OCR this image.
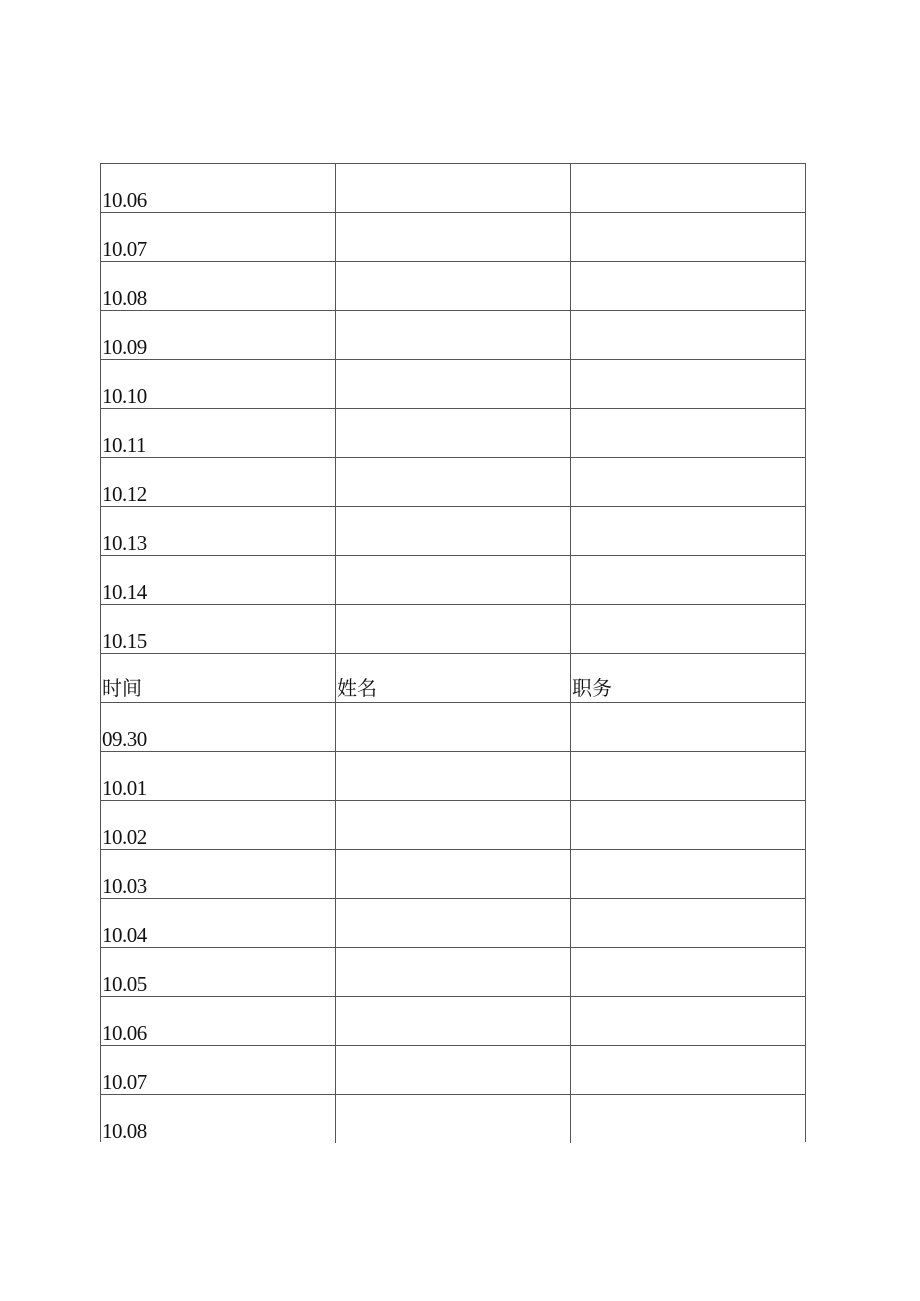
10.06
10.07
10.08
10.09
10.10
10.11
10.12
10.13
10.14
10.15
时间	姓名	职务
09.30
10.01
10.02
10.03
10.04
10.05
10.06
10.07
10.08
